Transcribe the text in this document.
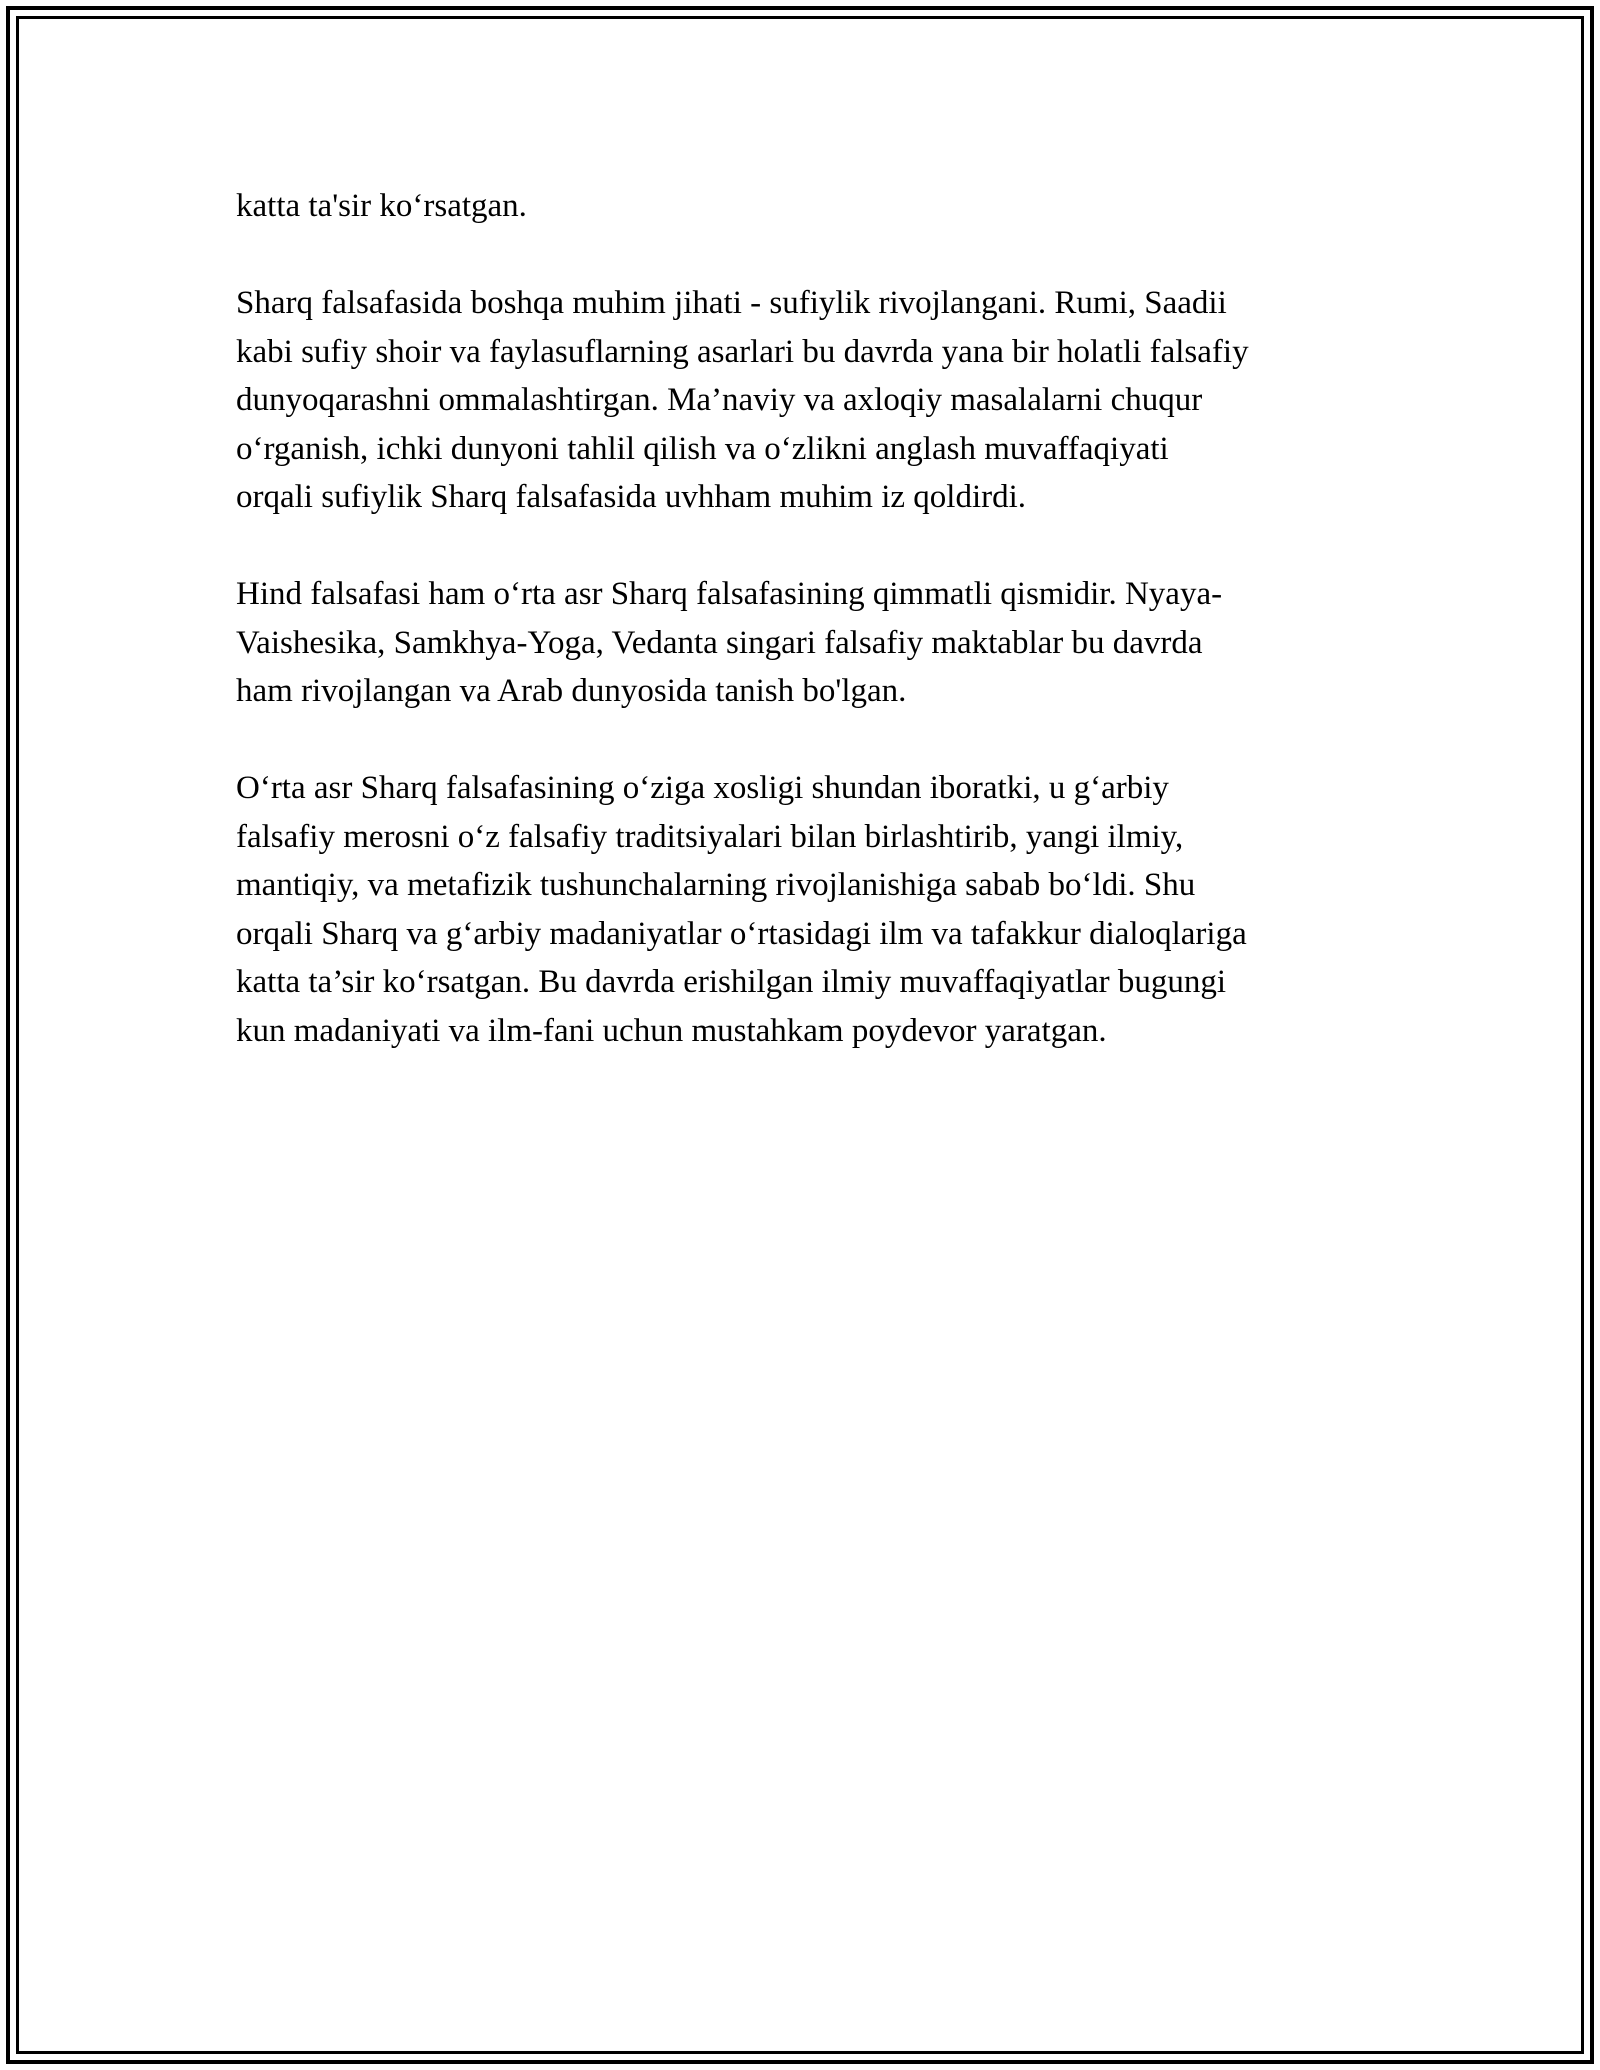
katta ta'sir ko‘rsatgan.

Sharq falsafasida boshqa muhim jihati - sufiylik rivojlangani. Rumi, Saadii
kabi sufiy shoir va faylasuflarning asarlari bu davrda yana bir holatli falsafiy
dunyoqarashni ommalashtirgan. Ma’naviy va axloqiy masalalarni chuqur
o‘rganish, ichki dunyoni tahlil qilish va o‘zlikni anglash muvaffaqiyati
orqali sufiylik Sharq falsafasida uvhham muhim iz qoldirdi.

Hind falsafasi ham o‘rta asr Sharq falsafasining qimmatli qismidir. Nyaya-
Vaishesika, Samkhya-Yoga, Vedanta singari falsafiy maktablar bu davrda
ham rivojlangan va Arab dunyosida tanish bo'lgan.

O‘rta asr Sharq falsafasining o‘ziga xosligi shundan iboratki, u g‘arbiy
falsafiy merosni o‘z falsafiy traditsiyalari bilan birlashtirib, yangi ilmiy,
mantiqiy, va metafizik tushunchalarning rivojlanishiga sabab bo‘ldi. Shu
orqali Sharq va g‘arbiy madaniyatlar o‘rtasidagi ilm va tafakkur dialoqlariga
katta ta’sir ko‘rsatgan. Bu davrda erishilgan ilmiy muvaffaqiyatlar bugungi
kun madaniyati va ilm-fani uchun mustahkam poydevor yaratgan.
